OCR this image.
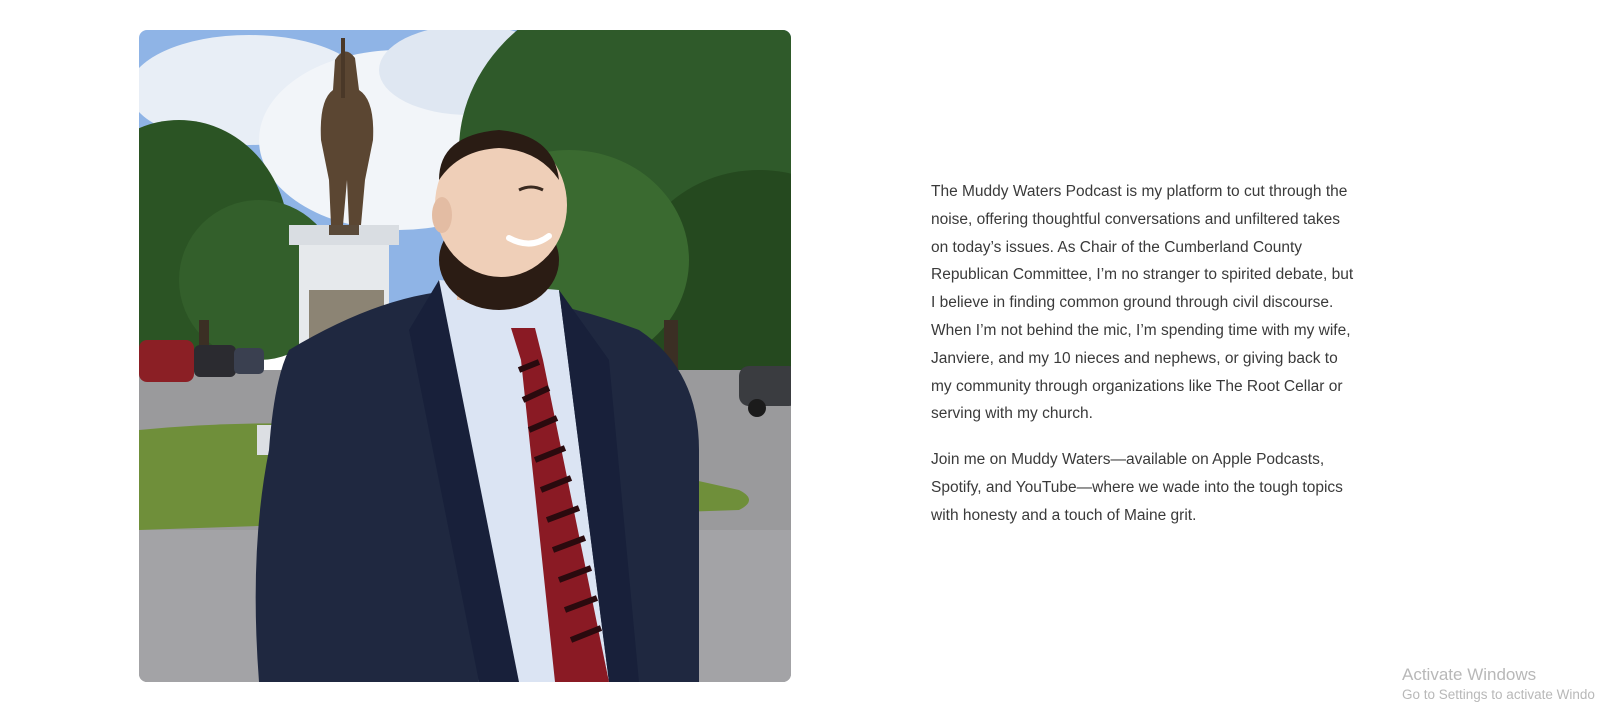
The Muddy Waters Podcast is my platform to cut through the noise, offering thoughtful conversations and unfiltered takes on today’s issues. As Chair of the Cumberland County Republican Committee, I’m no stranger to spirited debate, but I believe in finding common ground through civil discourse. When I’m not behind the mic, I’m spending time with my wife, Janviere, and my 10 nieces and nephews, or giving back to my community through organizations like The Root Cellar or serving with my church.

Join me on Muddy Waters—available on Apple Podcasts, Spotify, and YouTube—where we wade into the tough topics with honesty and a touch of Maine grit.

Activate Windows
Go to Settings to activate Windo
